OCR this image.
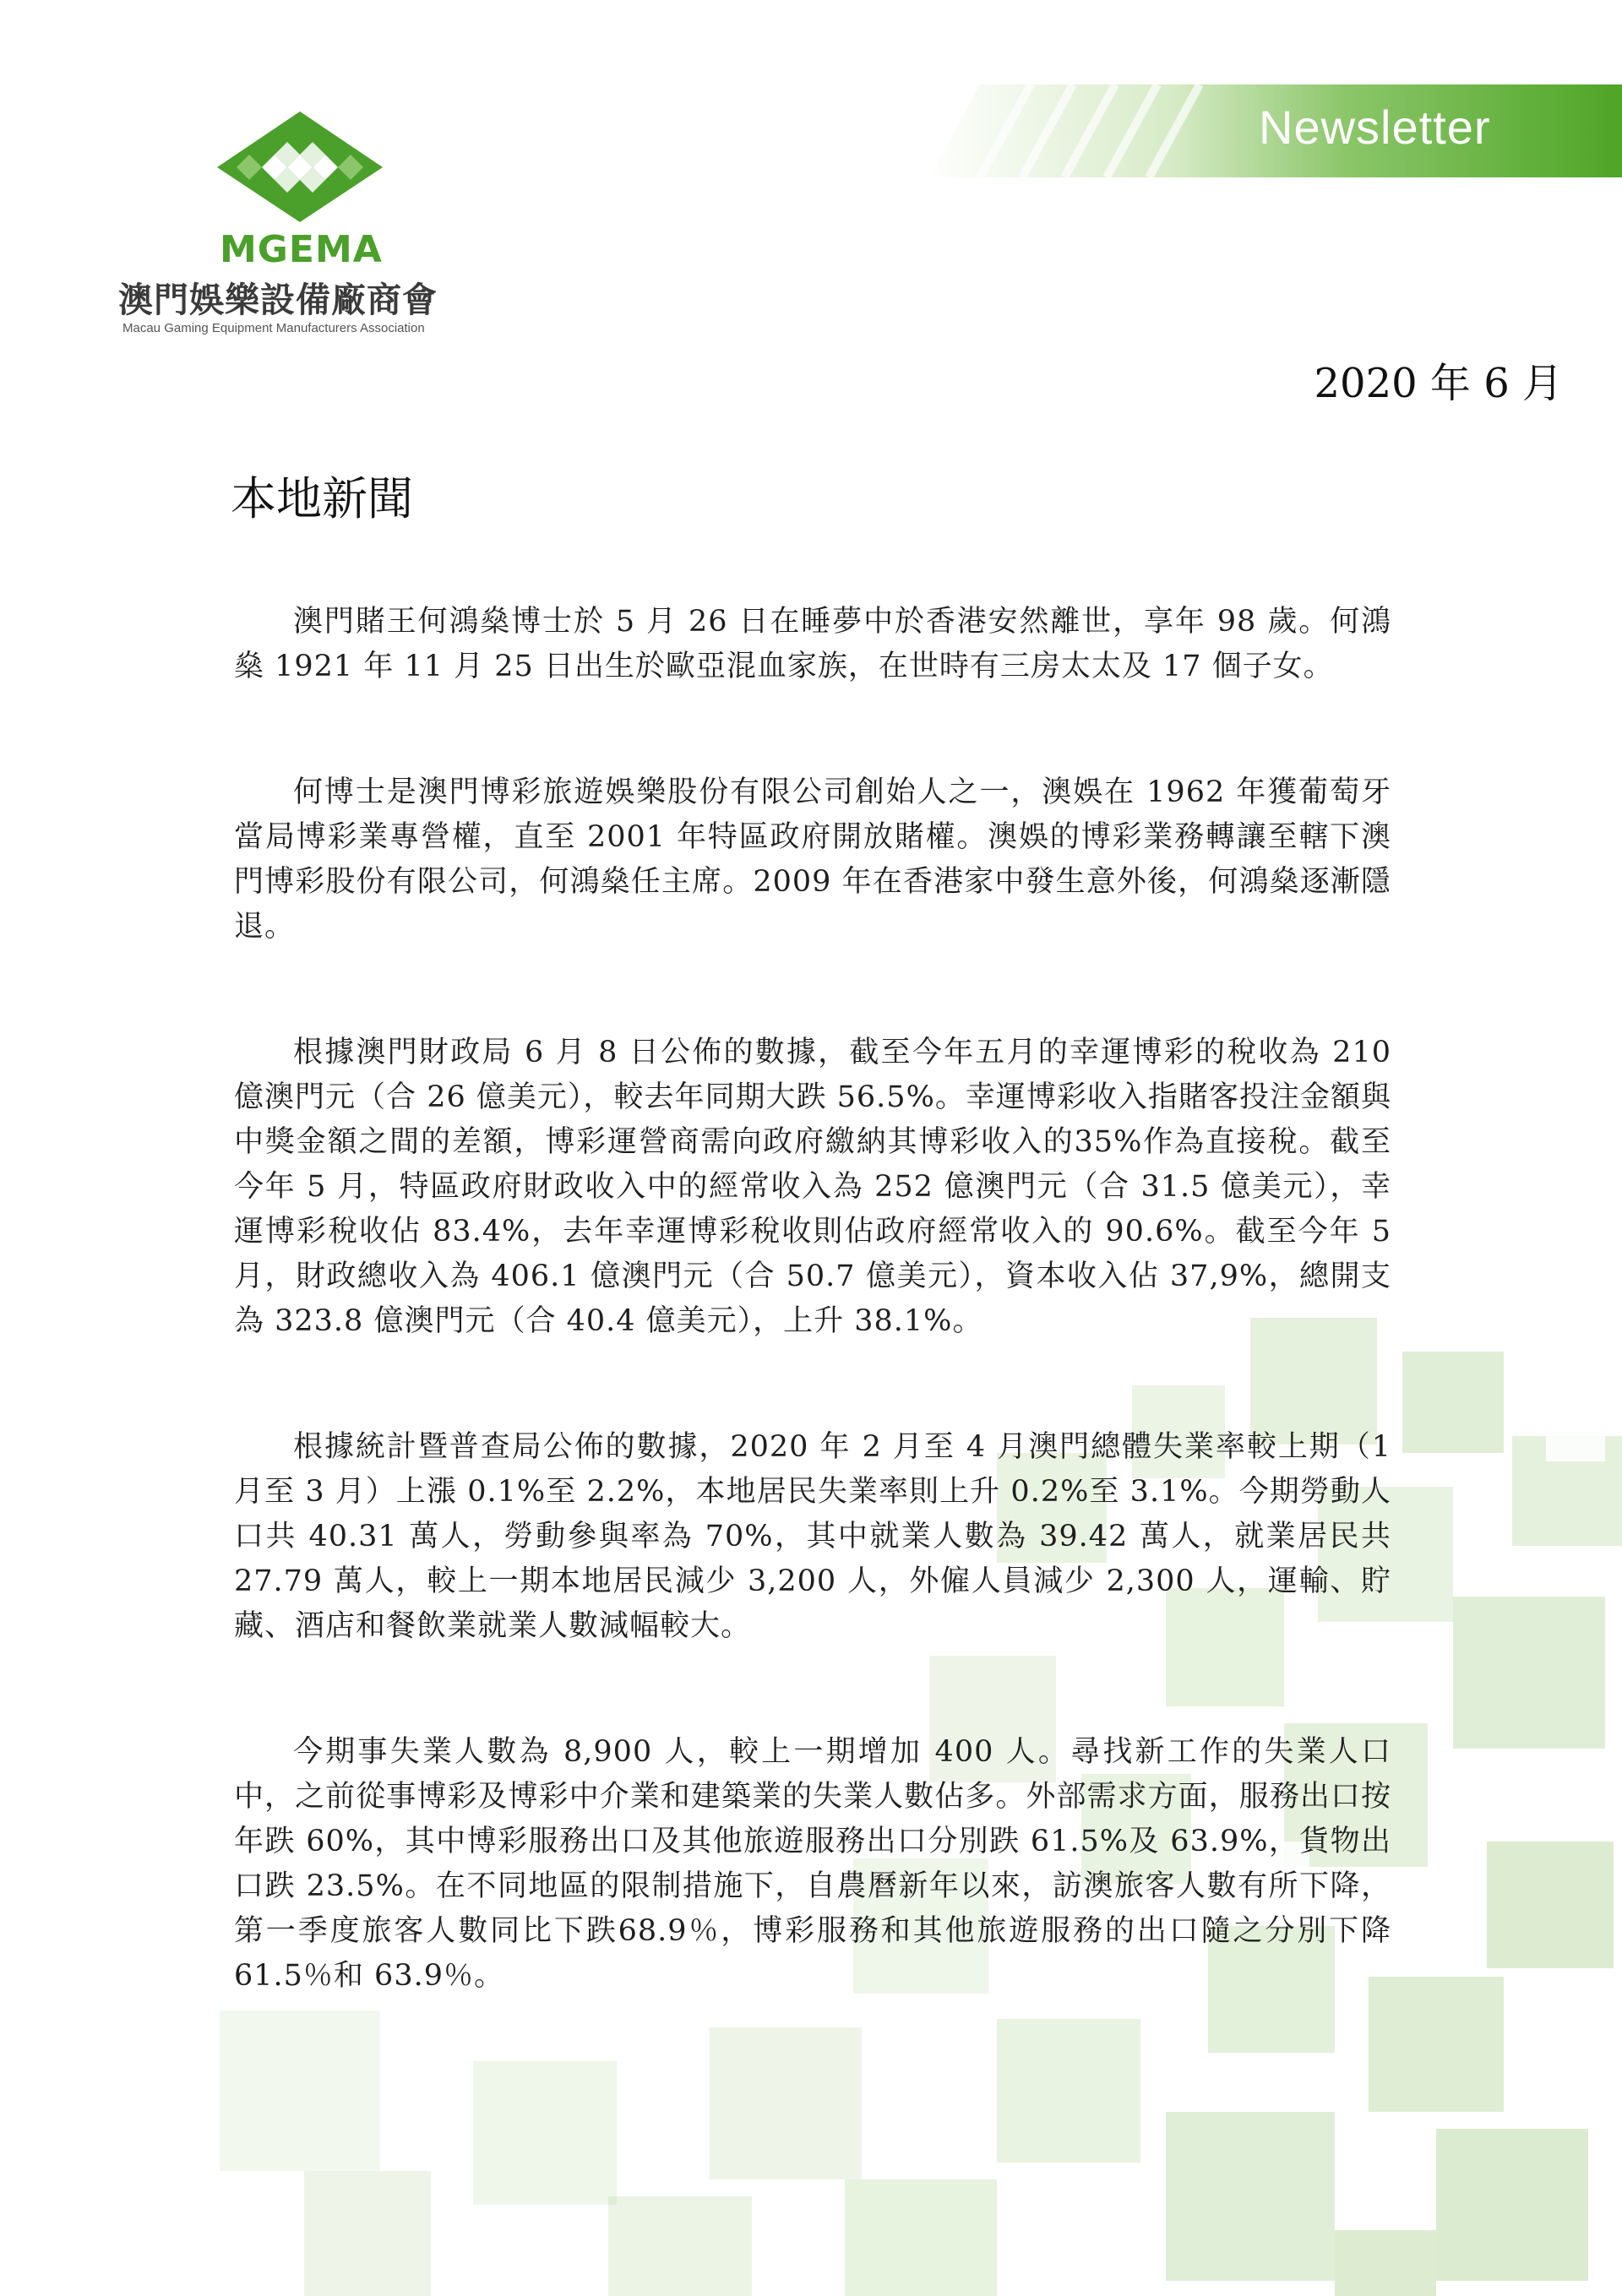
Newsletter
MGEMA
澳門娛樂設備廠商會
Macau Gaming Equipment Manufacturers Association
2020 年 6 月
本地新聞

澳門賭王何鴻燊博士於 5 月 26 日在睡夢中於香港安然離世，享年 98 歲。何鴻燊 1921 年 11 月 25 日出生於歐亞混血家族，在世時有三房太太及 17 個子女。

何博士是澳門博彩旅遊娛樂股份有限公司創始人之一，澳娛在 1962 年獲葡萄牙當局博彩業專營權，直至 2001 年特區政府開放賭權。澳娛的博彩業務轉讓至轄下澳門博彩股份有限公司，何鴻燊任主席。2009 年在香港家中發生意外後，何鴻燊逐漸隱退。

根據澳門財政局 6 月 8 日公佈的數據，截至今年五月的幸運博彩的稅收為 210 億澳門元（合 26 億美元），較去年同期大跌 56.5%。幸運博彩收入指賭客投注金額與中獎金額之間的差額，博彩運營商需向政府繳納其博彩收入的35%作為直接稅。截至今年 5 月，特區政府財政收入中的經常收入為 252 億澳門元（合 31.5 億美元），幸運博彩稅收佔 83.4%，去年幸運博彩稅收則佔政府經常收入的 90.6%。截至今年 5 月，財政總收入為 406.1 億澳門元（合 50.7 億美元），資本收入佔 37,9%，總開支為 323.8 億澳門元（合 40.4 億美元），上升 38.1%。

根據統計暨普查局公佈的數據，2020 年 2 月至 4 月澳門總體失業率較上期（1 月至 3 月）上漲 0.1%至 2.2%，本地居民失業率則上升 0.2%至 3.1%。今期勞動人口共 40.31 萬人，勞動參與率為 70%，其中就業人數為 39.42 萬人，就業居民共 27.79 萬人，較上一期本地居民減少 3,200 人，外僱人員減少 2,300 人，運輸、貯藏、酒店和餐飲業就業人數減幅較大。

今期事失業人數為 8,900 人，較上一期增加 400 人。尋找新工作的失業人口中，之前從事博彩及博彩中介業和建築業的失業人數佔多。外部需求方面，服務出口按年跌 60%，其中博彩服務出口及其他旅遊服務出口分別跌 61.5%及 63.9%，貨物出口跌 23.5%。在不同地區的限制措施下，自農曆新年以來，訪澳旅客人數有所下降，第一季度旅客人數同比下跌68.9％，博彩服務和其他旅遊服務的出口隨之分別下降 61.5％和 63.9％。
